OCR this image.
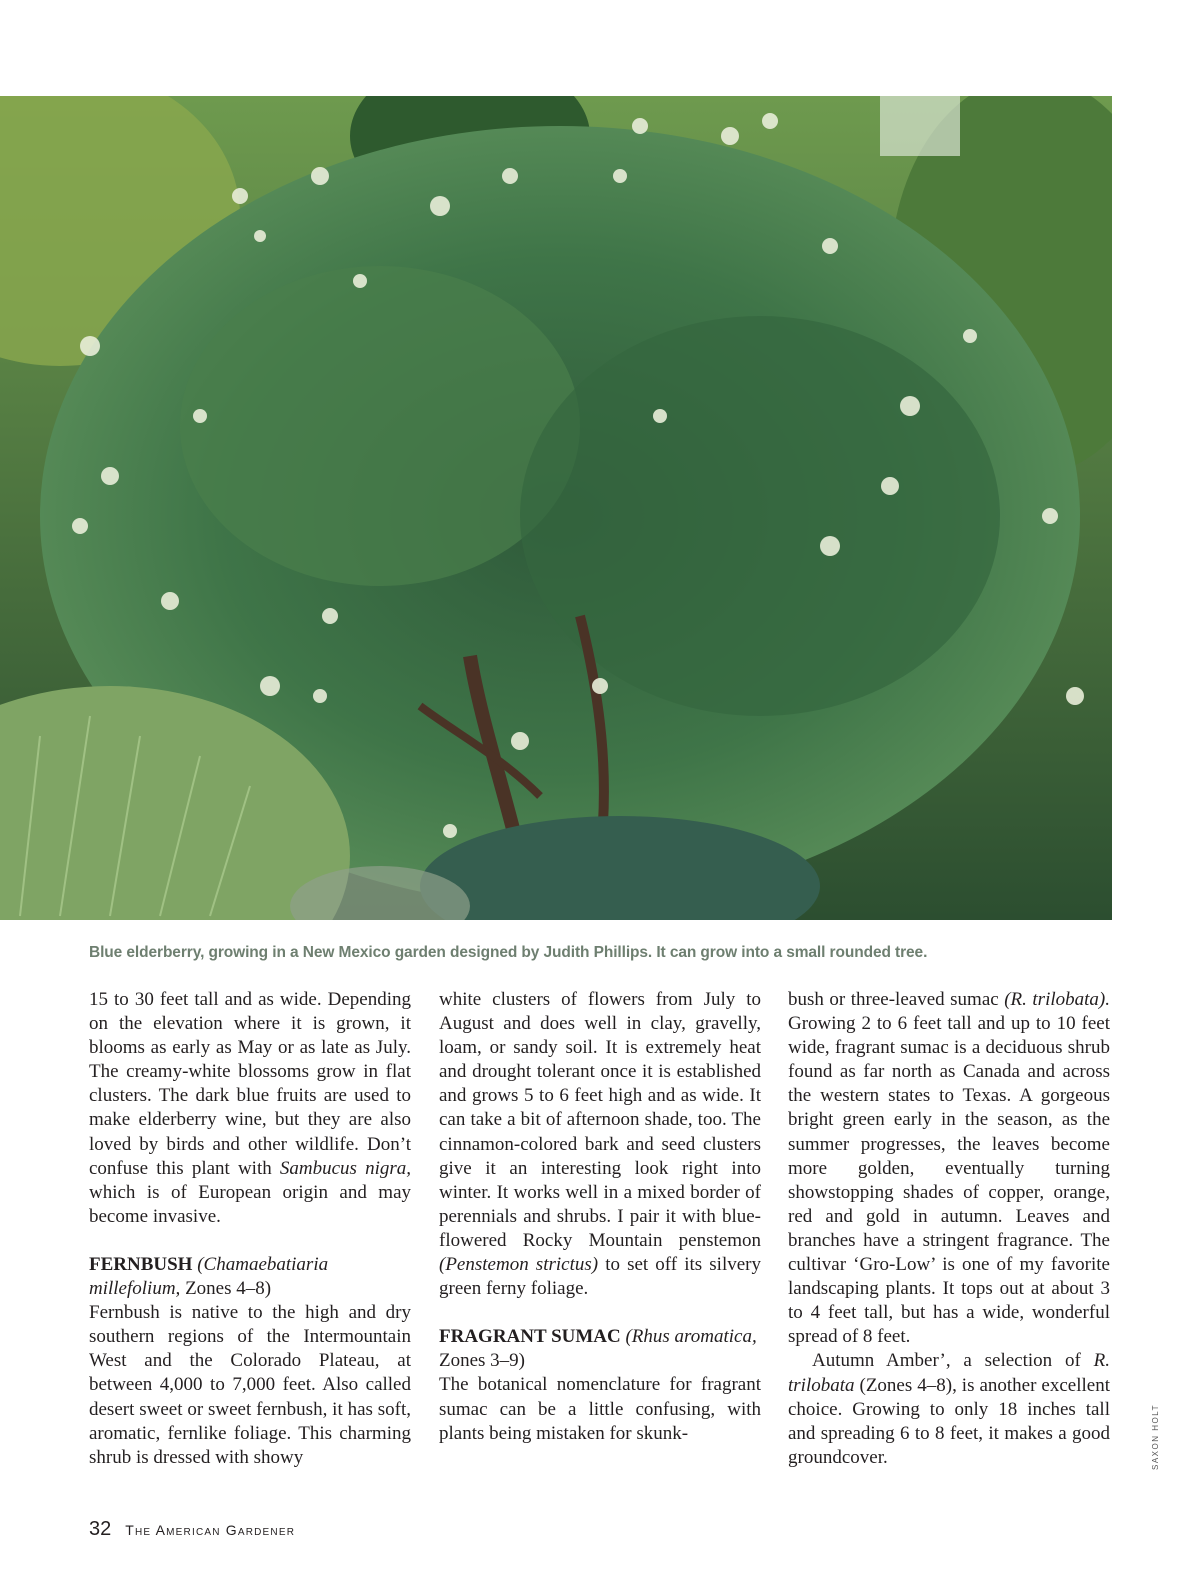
Blue elderberry, growing in a New Mexico garden designed by Judith Phillips. It can grow into a small rounded tree.

15 to 30 feet tall and as wide. Depending on the elevation where it is grown, it blooms as early as May or as late as July. The creamy-white blossoms grow in flat clusters. The dark blue fruits are used to make elderberry wine, but they are also loved by birds and other wildlife. Don’t confuse this plant with Sambucus nigra, which is of European origin and may become invasive.

FERNBUSH (Chamaebatiaria millefolium, Zones 4–8)

Fernbush is native to the high and dry southern regions of the Intermountain West and the Colorado Plateau, at between 4,000 to 7,000 feet. Also called desert sweet or sweet fernbush, it has soft, aromatic, fernlike foliage. This charming shrub is dressed with showy

white clusters of flowers from July to August and does well in clay, gravelly, loam, or sandy soil. It is extremely heat and drought tolerant once it is established and grows 5 to 6 feet high and as wide. It can take a bit of afternoon shade, too. The cinnamon-colored bark and seed clusters give it an interesting look right into winter. It works well in a mixed border of perennials and shrubs. I pair it with blue-flowered Rocky Mountain penstemon (Penstemon strictus) to set off its silvery green ferny foliage.

FRAGRANT SUMAC (Rhus aromatica, Zones 3–9)

The botanical nomenclature for fragrant sumac can be a little confusing, with plants being mistaken for skunk-

bush or three-leaved sumac (R. trilobata). Growing 2 to 6 feet tall and up to 10 feet wide, fragrant sumac is a deciduous shrub found as far north as Canada and across the western states to Texas. A gorgeous bright green early in the season, as the summer progresses, the leaves become more golden, eventually turning showstopping shades of copper, orange, red and gold in autumn. Leaves and branches have a stringent fragrance. The cultivar ‘Gro-Low’ is one of my favorite landscaping plants. It tops out at about 3 to 4 feet tall, but has a wide, wonderful spread of 8 feet.

Autumn Amber’, a selection of R. trilobata (Zones 4–8), is another excellent choice. Growing to only 18 inches tall and spreading 6 to 8 feet, it makes a good groundcover.	SAXON HOLT
32 The American Gardener
